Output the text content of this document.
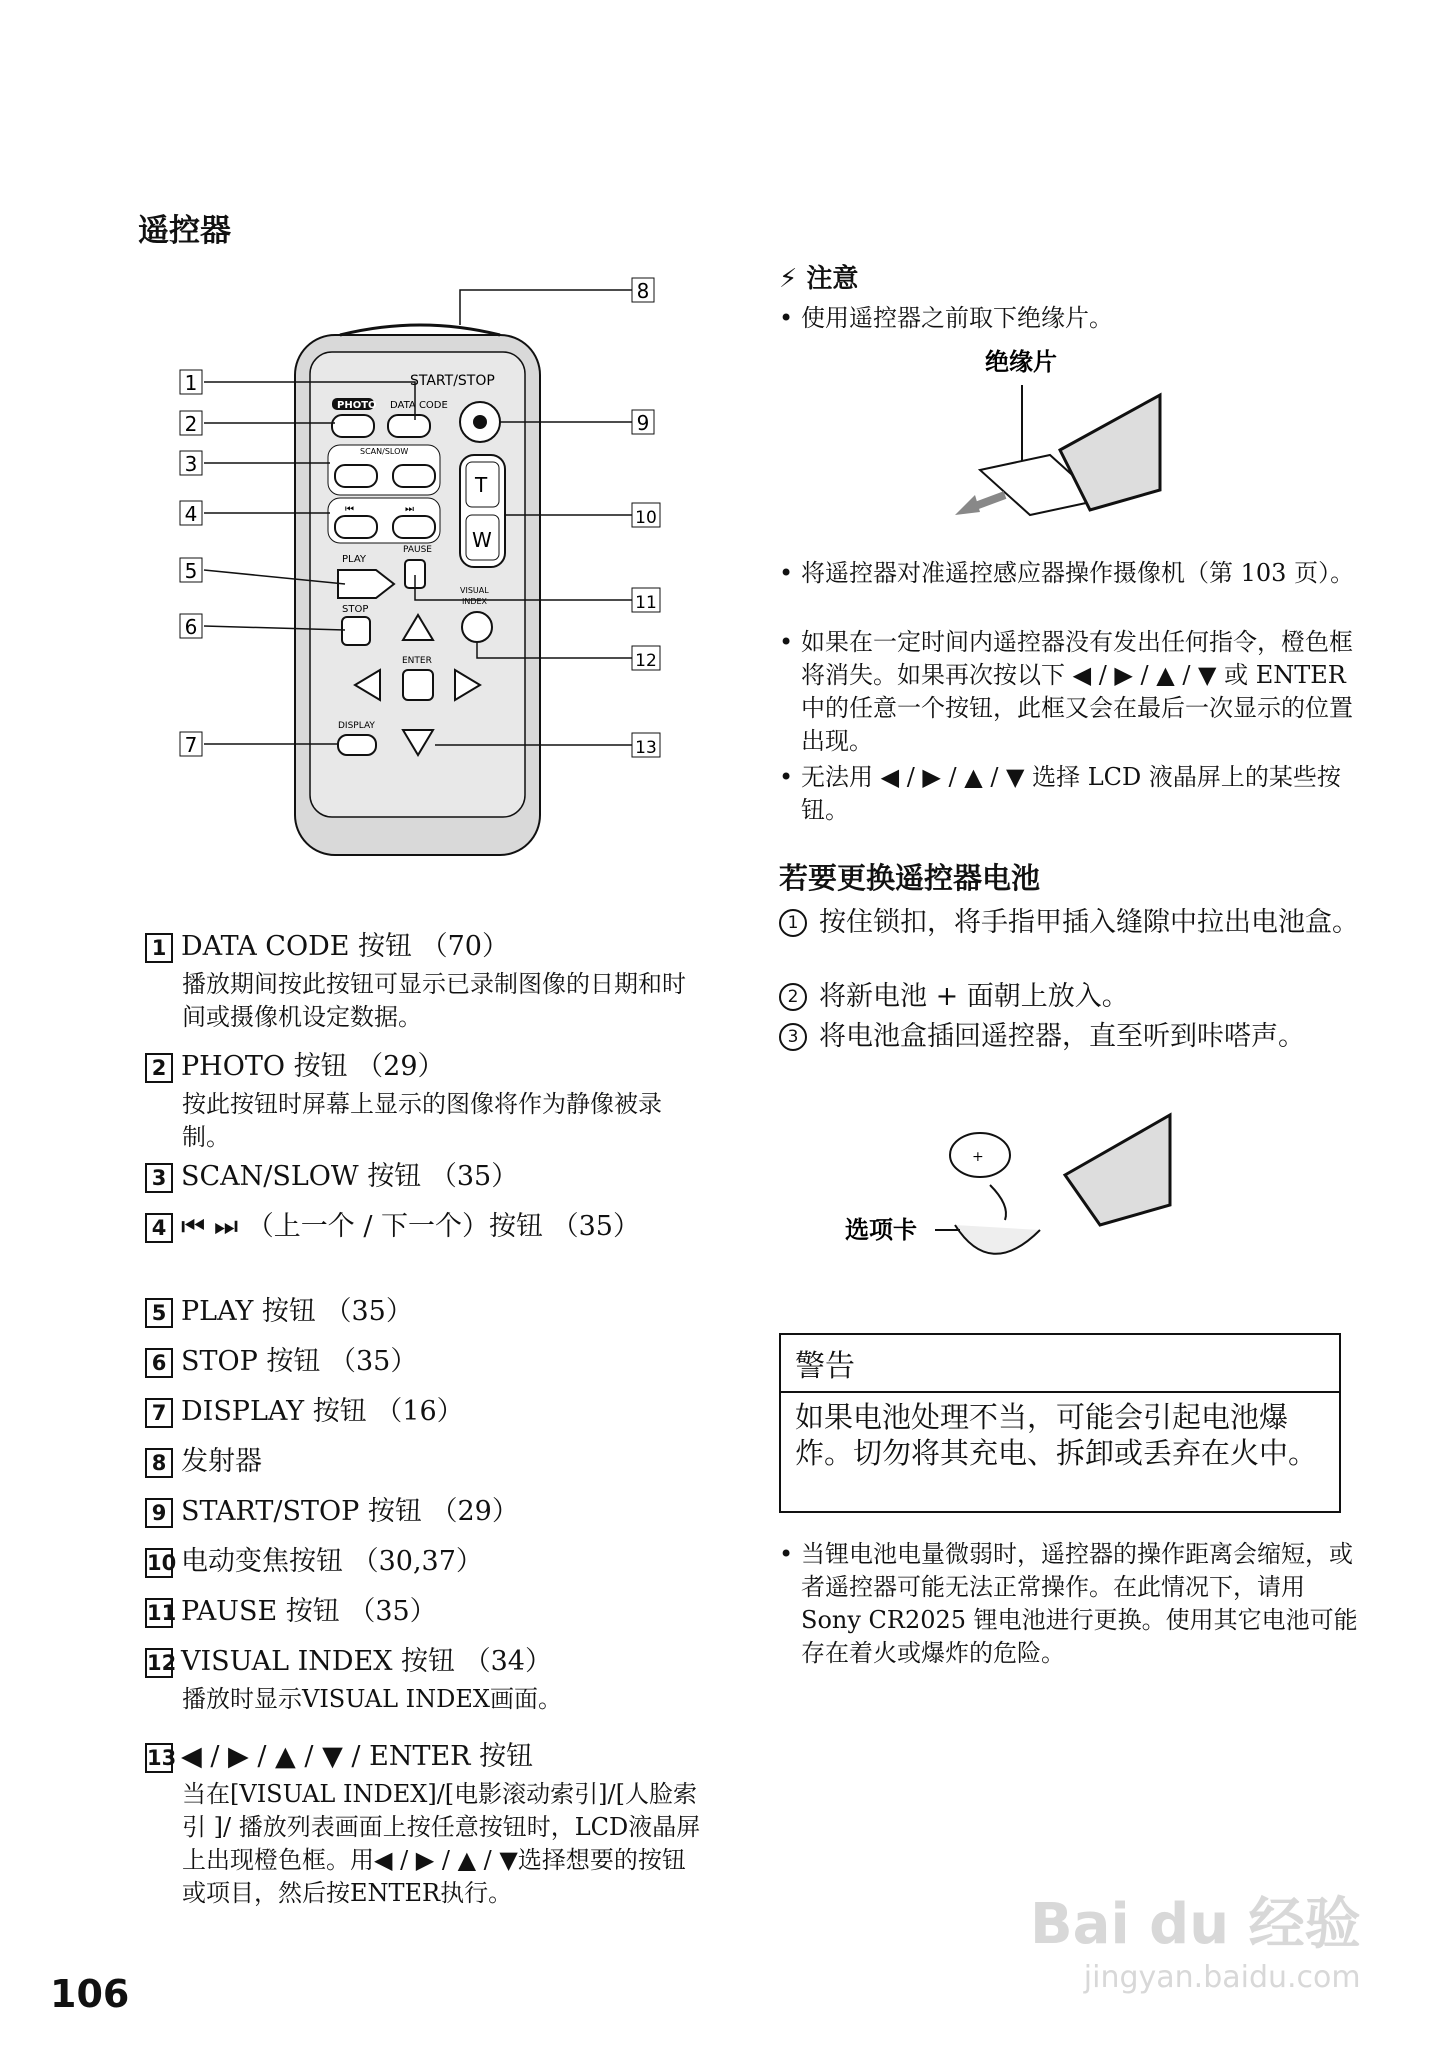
遥控器
START/STOP
PHOTO DATA CODE
SCAN/SLOW
⏮	⏭
T
W
PLAY
PAUSE
VISUAL
INDEX
STOP
ENTER
DISPLAY
1
2
3
4
5
6
7
8
9
10
11
12
13
1 DATA CODE 按钮 （70）
播放期间按此按钮可显示已录制图像的日期和时间或摄像机设定数据。
2 PHOTO 按钮 （29）
按此按钮时屏幕上显示的图像将作为静像被录制。
3 SCAN/SLOW 按钮 （35）
4 ⏮ ⏭ （上一个 / 下一个）按钮 （35）
5 PLAY 按钮 （35）
6 STOP 按钮 （35）
7 DISPLAY 按钮 （16）
8 发射器
9 START/STOP 按钮 （29）
10 电动变焦按钮 （30,37）
11 PAUSE 按钮 （35）
12 VISUAL INDEX 按钮 （34）
播放时显示VISUAL INDEX画面。
13 ◀ / ▶ / ▲ / ▼ / ENTER 按钮
当在[VISUAL INDEX]/[电影滚动索引]/[人脸索引 ]/ 播放列表画面上按任意按钮时，LCD液晶屏上出现橙色框。用◀ / ▶ / ▲ / ▼选择想要的按钮或项目，然后按ENTER执行。
⚡︎ 注意
• 使用遥控器之前取下绝缘片。
绝缘片
• 将遥控器对准遥控感应器操作摄像机（第 103 页）。
• 如果在一定时间内遥控器没有发出任何指令，橙色框将消失。如果再次按以下 ◀ / ▶ / ▲ / ▼ 或 ENTER 中的任意一个按钮，此框又会在最后一次显示的位置出现。
• 无法用 ◀ / ▶ / ▲ / ▼ 选择 LCD 液晶屏上的某些按钮。
若要更换遥控器电池
1 按住锁扣，将手指甲插入缝隙中拉出电池盒。
2 将新电池 + 面朝上放入。
3 将电池盒插回遥控器，直至听到咔嗒声。
选项卡
+
警告
如果电池处理不当，可能会引起电池爆炸。切勿将其充电、拆卸或丢弃在火中。
• 当锂电池电量微弱时，遥控器的操作距离会缩短，或者遥控器可能无法正常操作。在此情况下，请用 Sony CR2025 锂电池进行更换。使用其它电池可能存在着火或爆炸的危险。
106
Bai du 经验
jingyan.baidu.com
